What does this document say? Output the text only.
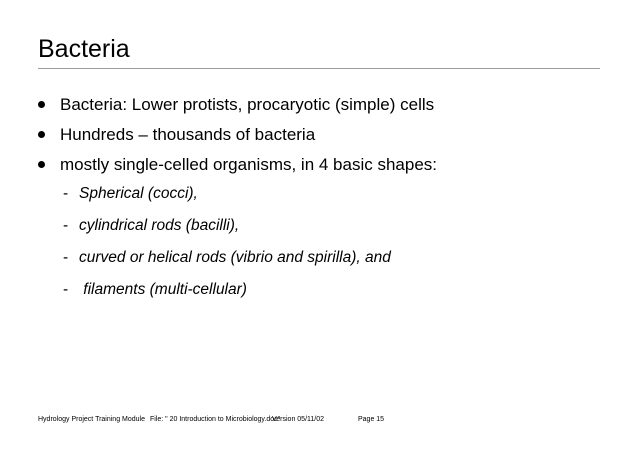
Bacteria
Bacteria: Lower protists, procaryotic (simple) cells
Hundreds – thousands of bacteria
mostly single-celled organisms, in 4 basic shapes:
- Spherical (cocci),
- cylindrical rods (bacilli),
- curved or helical rods (vibrio and spirilla), and
- filaments (multi-cellular)
Hydrology Project Training Module File: " 20 Introduction to Microbiology.doc"
Version 05/11/02	Page 15
